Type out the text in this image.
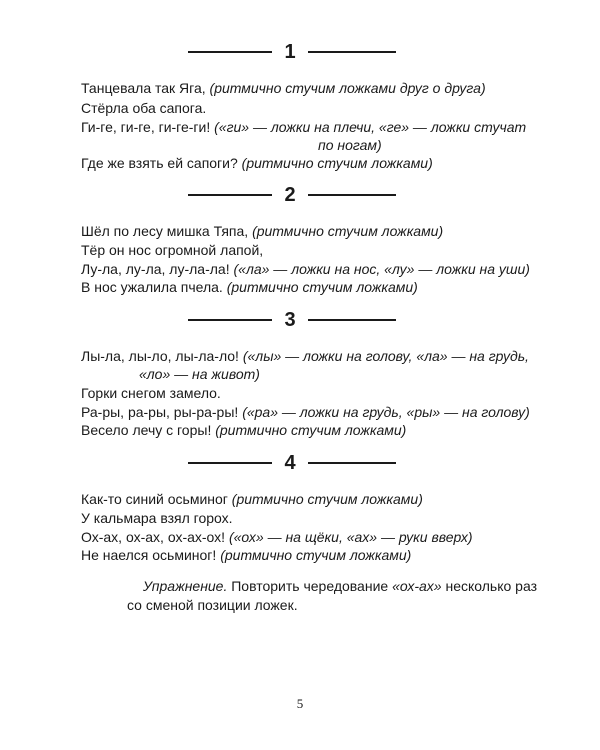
1
Танцевала так Яга, (ритмично стучим ложками друг о друга)
Стёрла оба сапога.
Ги-ге, ги-ге, ги-ге-ги! («ги» — ложки на плечи, «ге» — ложки стучат
по ногам)
Где же взять ей сапоги? (ритмично стучим ложками)
2
Шёл по лесу мишка Тяпа, (ритмично стучим ложками)
Тёр он нос огромной лапой,
Лу-ла, лу-ла, лу-ла-ла! («ла» — ложки на нос, «лу» — ложки на уши)
В нос ужалила пчела. (ритмично стучим ложками)
3
Лы-ла, лы-ло, лы-ла-ло! («лы» — ложки на голову, «ла» — на грудь,
«ло» — на живот)
Горки снегом замело.
Ра-ры, ра-ры, ры-ра-ры! («ра» — ложки на грудь, «ры» — на голову)
Весело лечу с горы! (ритмично стучим ложками)
4
Как-то синий осьминог (ритмично стучим ложками)
У кальмара взял горох.
Ох-ах, ох-ах, ох-ах-ох! («ох» — на щёки, «ах» — руки вверх)
Не наелся осьминог! (ритмично стучим ложками)
Упражнение. Повторить чередование «ох-ах» несколько раз
со сменой позиции ложек.
5
